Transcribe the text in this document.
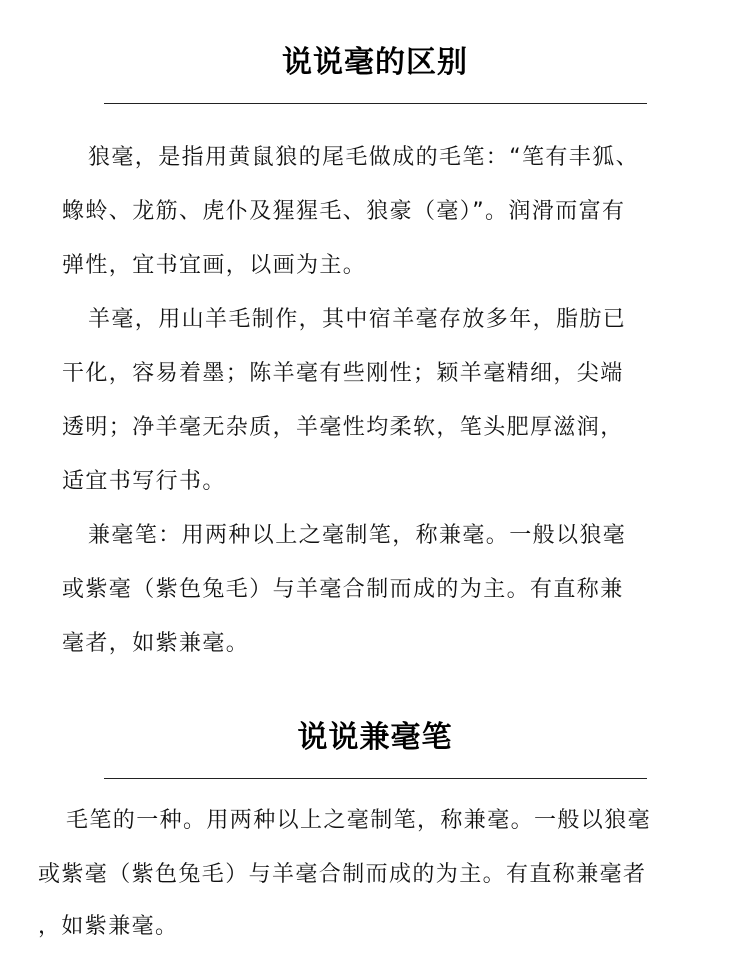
说说毫的区别
狼毫，是指用黄鼠狼的尾毛做成的毛笔：“笔有丰狐、
蟓蛉、龙筋、虎仆及猩猩毛、狼豪（毫）”。润滑而富有
弹性，宜书宜画，以画为主。
羊毫，用山羊毛制作，其中宿羊毫存放多年，脂肪已
干化，容易着墨；陈羊毫有些刚性；颖羊毫精细，尖端
透明；净羊毫无杂质，羊毫性均柔软，笔头肥厚滋润，
适宜书写行书。
兼毫笔：用两种以上之毫制笔，称兼毫。一般以狼毫
或紫毫（紫色兔毛）与羊毫合制而成的为主。有直称兼
毫者，如紫兼毫。
说说兼毫笔
毛笔的一种。用两种以上之毫制笔，称兼毫。一般以狼毫
或紫毫（紫色兔毛）与羊毫合制而成的为主。有直称兼毫者
，如紫兼毫。
